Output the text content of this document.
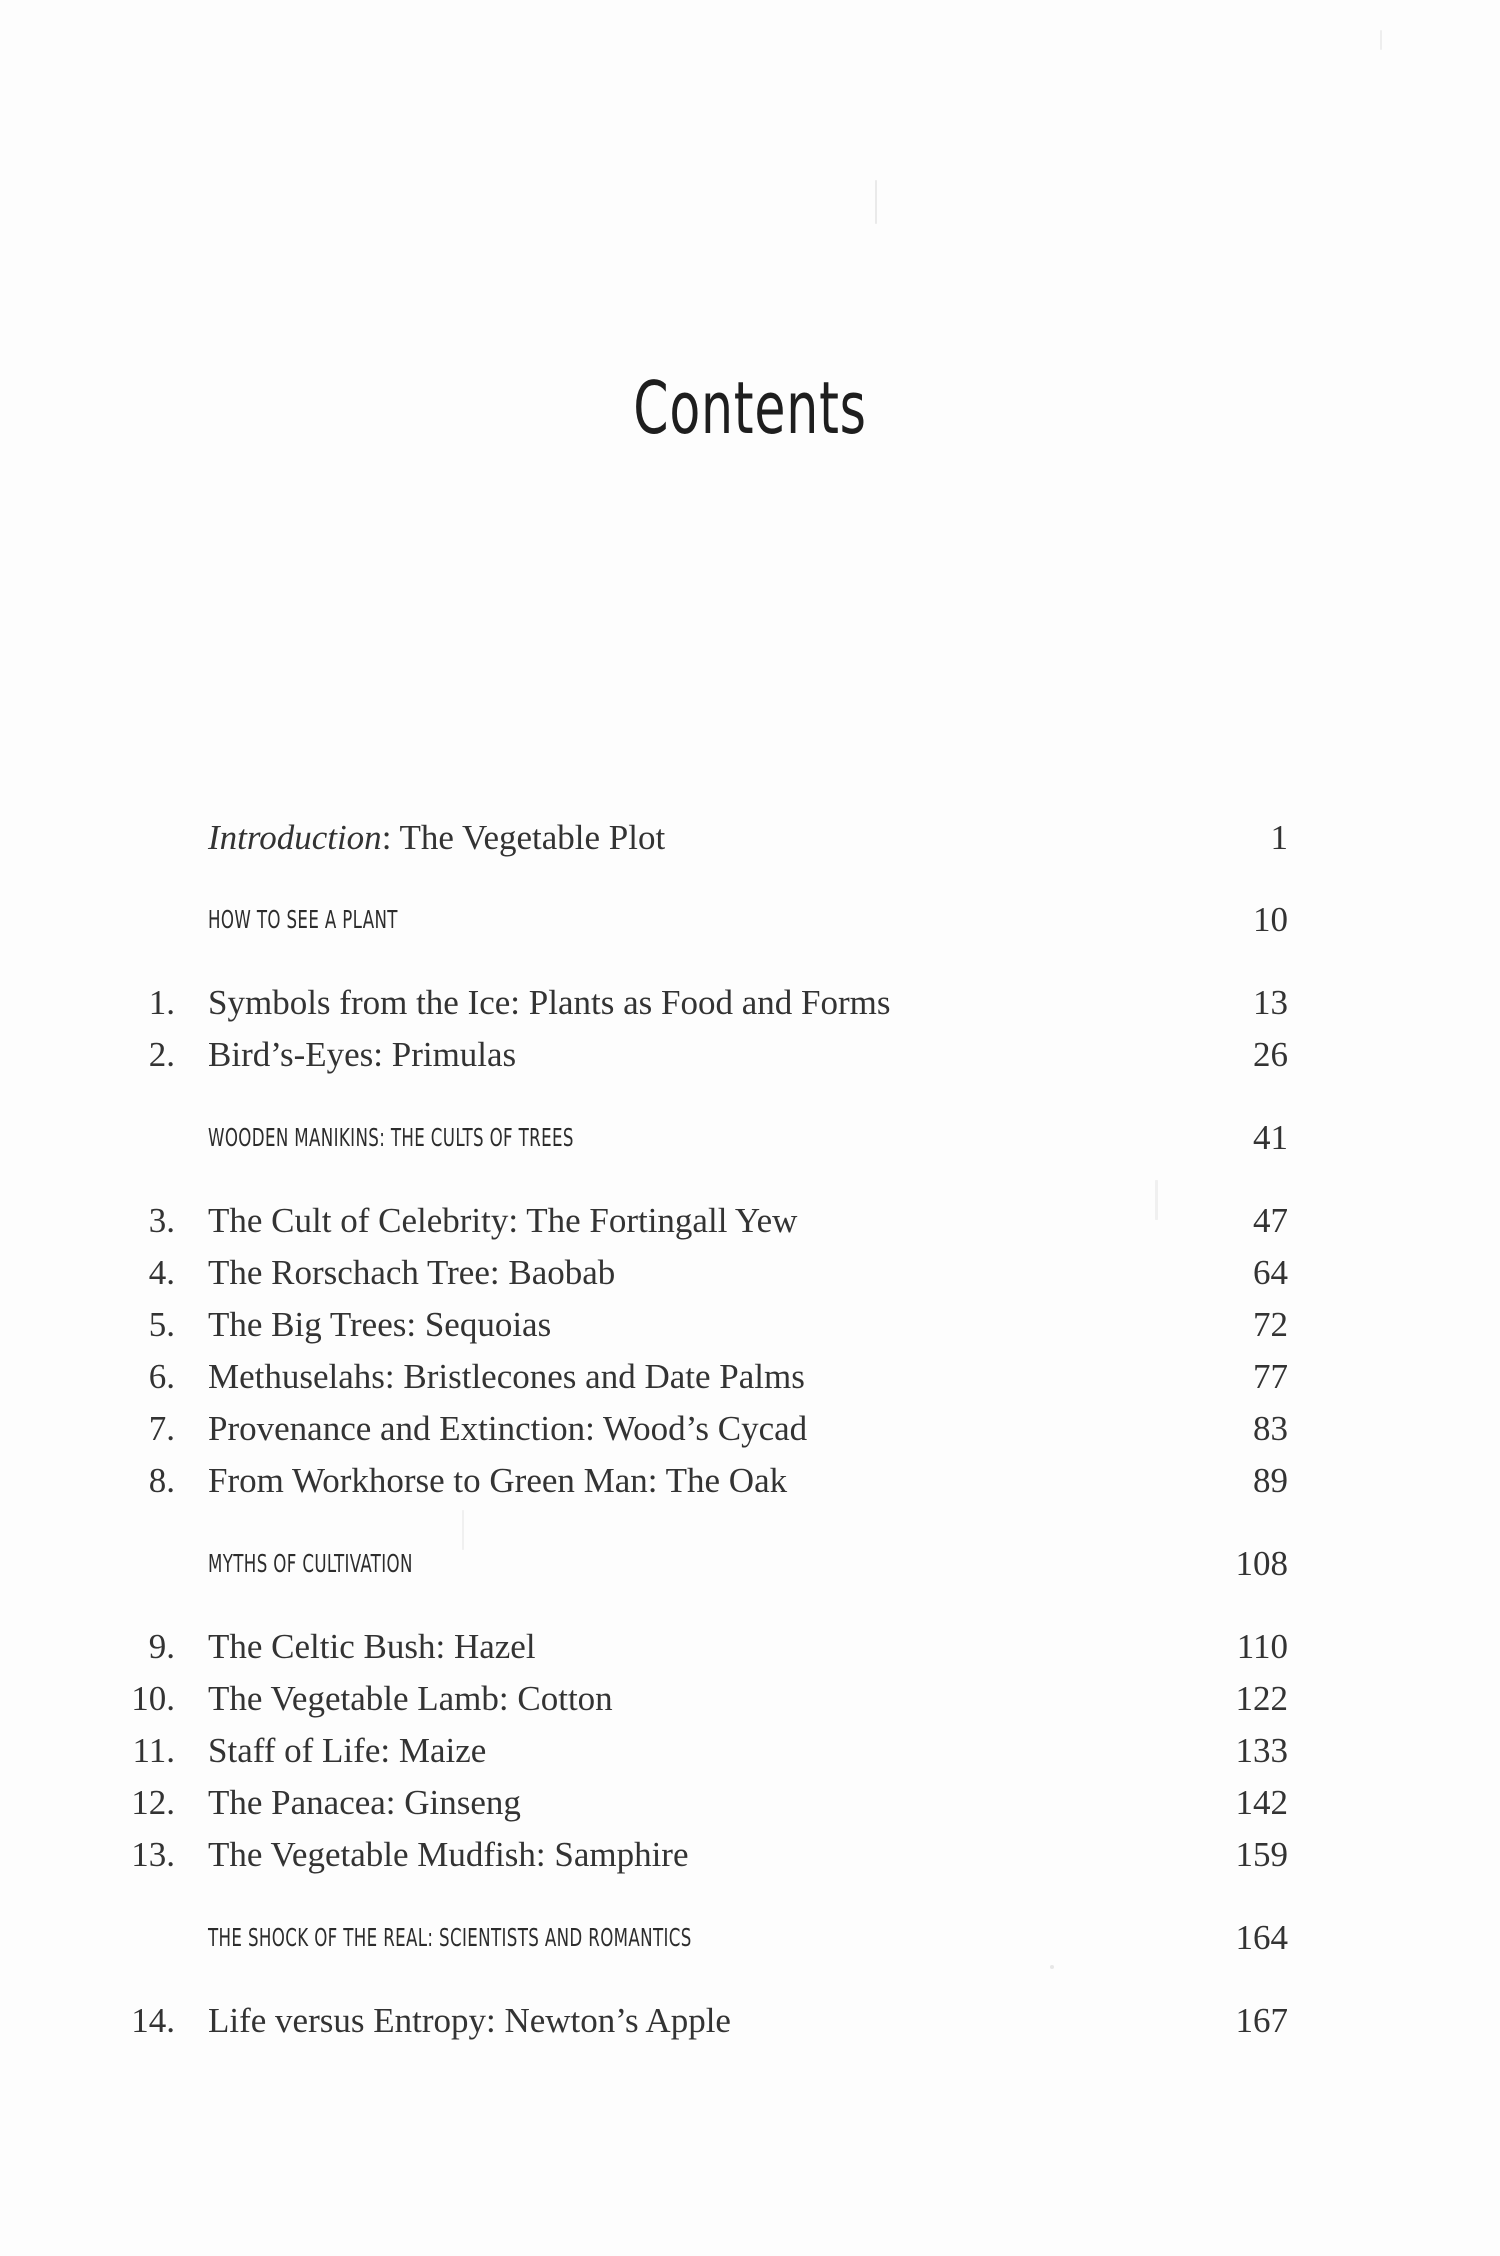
Contents
Introduction: The Vegetable Plot	1
HOW TO SEE A PLANT	10
1. Symbols from the Ice: Plants as Food and Forms	13
2. Bird’s-Eyes: Primulas	26
WOODEN MANIKINS: THE CULTS OF TREES	41
3. The Cult of Celebrity: The Fortingall Yew	47
4. The Rorschach Tree: Baobab	64
5. The Big Trees: Sequoias	72
6. Methuselahs: Bristlecones and Date Palms	77
7. Provenance and Extinction: Wood’s Cycad	83
8. From Workhorse to Green Man: The Oak	89
MYTHS OF CULTIVATION	108
9. The Celtic Bush: Hazel	110
10. The Vegetable Lamb: Cotton	122
11. Staff of Life: Maize	133
12. The Panacea: Ginseng	142
13. The Vegetable Mudfish: Samphire	159
THE SHOCK OF THE REAL: SCIENTISTS AND ROMANTICS	164
14. Life versus Entropy: Newton’s Apple	167
